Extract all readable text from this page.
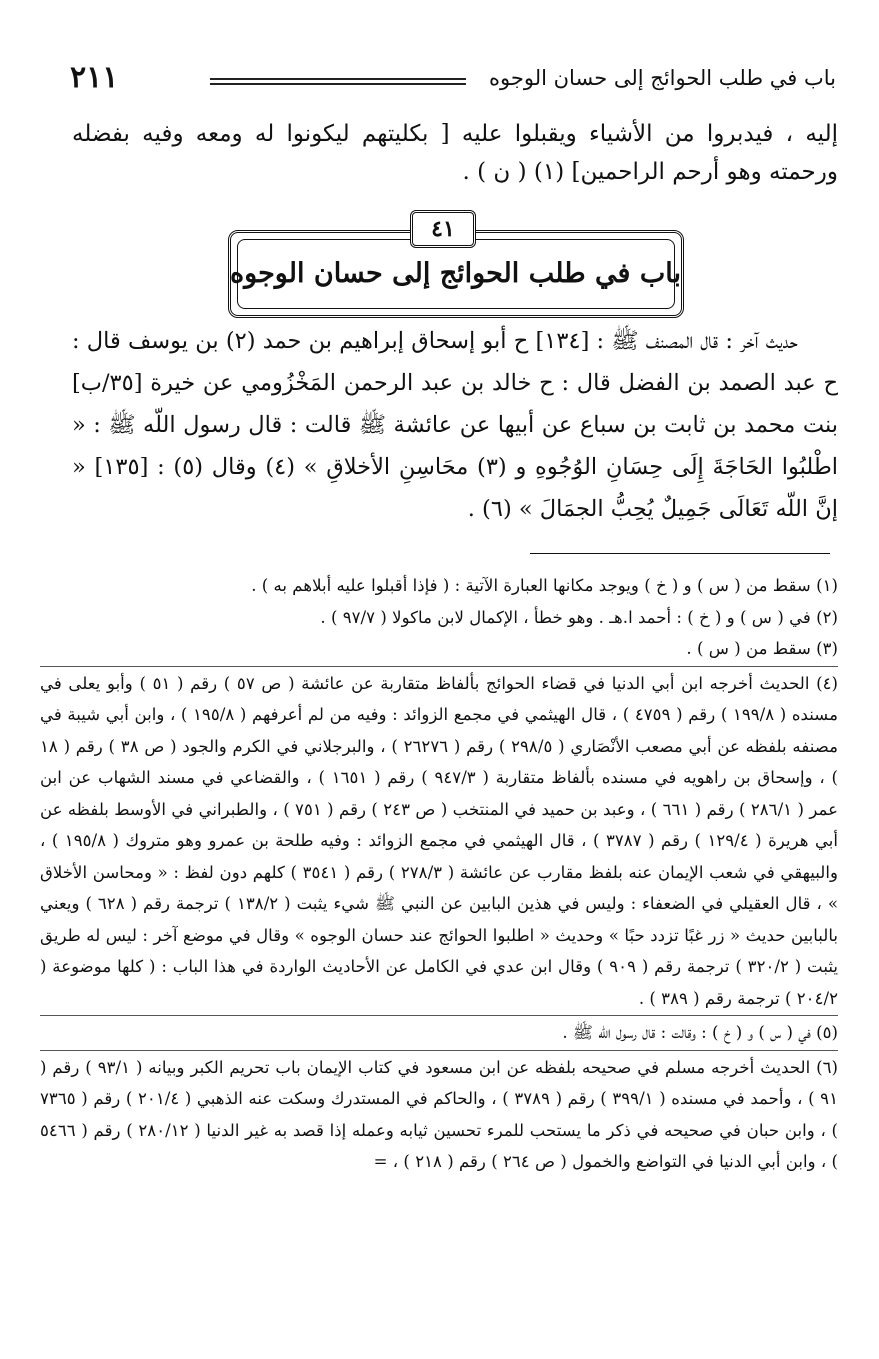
باب في طلب الحوائج إلى حسان الوجوه
٢١١
إليه ، فيدبروا من الأشياء ويقبلوا عليه [ بكليتهم ليكونوا له ومعه وفيه بفضله ورحمته وهو أرحم الراحمين] (١) ( ن ) .
٤١
باب في طلب الحوائج إلى حسان الوجوه

حديث آخر : قال المصنف ﷺ : [١٣٤] ح أبو إسحاق إبراهيم بن حمد (٢) بن يوسف قال : ح عبد الصمد بن الفضل قال : ح خالد بن عبد الرحمن المَخْزُومي عن خيرة [٣٥/ب] بنت محمد بن ثابت بن سباع عن أبيها عن عائشة ﷺ قالت : قال رسول اللّه ﷺ : « اطْلبُوا الحَاجَةَ إِلَى حِسَانِ الوُجُوهِ و (٣) محَاسِنِ الأخلاقِ » (٤) وقال (٥) : [١٣٥] « إنَّ اللّه تَعَالَى جَمِيلٌ يُحِبُّ الجمَالَ » (٦) .

(١) سقط من ( س ) و ( خ ) ويوجد مكانها العبارة الآتية : ( فإذا أقبلوا عليه أبلاهم به ) .

(٢) في ( س ) و ( خ ) : أحمد ا.هـ . وهو خطأ ، الإكمال لابن ماكولا ( ٩٧/٧ ) .

(٣) سقط من ( س ) .

(٤) الحديث أخرجه ابن أبي الدنيا في قضاء الحوائج بألفاظ متقاربة عن عائشة ( ص ٥٧ ) رقم ( ٥١ ) وأبو يعلى في مسنده ( ١٩٩/٨ ) رقم ( ٤٧٥٩ ) ، قال الهيثمي في مجمع الزوائد : وفيه من لم أعرفهم ( ١٩٥/٨ ) ، وابن أبي شيبة في مصنفه بلفظه عن أبي مصعب الأنْصَاري ( ٢٩٨/٥ ) رقم ( ٢٦٢٧٦ ) ، والبرجلاني في الكرم والجود ( ص ٣٨ ) رقم ( ١٨ ) ، وإسحاق بن راهويه في مسنده بألفاظ متقاربة ( ٩٤٧/٣ ) رقم ( ١٦٥١ ) ، والقضاعي في مسند الشهاب عن ابن عمر ( ٢٨٦/١ ) رقم ( ٦٦١ ) ، وعبد بن حميد في المنتخب ( ص ٢٤٣ ) رقم ( ٧٥١ ) ، والطبراني في الأوسط بلفظه عن أبي هريرة ( ١٢٩/٤ ) رقم ( ٣٧٨٧ ) ، قال الهيثمي في مجمع الزوائد : وفيه طلحة بن عمرو وهو متروك ( ١٩٥/٨ ) ، والبيهقي في شعب الإيمان عنه بلفظ مقارب عن عائشة ( ٢٧٨/٣ ) رقم ( ٣٥٤١ ) كلهم دون لفظ : « ومحاسن الأخلاق » ، قال العقيلي في الضعفاء : وليس في هذين البابين عن النبي ﷺ شيء يثبت ( ١٣٨/٢ ) ترجمة رقم ( ٦٢٨ ) ويعني بالبابين حديث « زر غبًا تزدد حبًا » وحديث « اطلبوا الحوائج عند حسان الوجوه » وقال في موضع آخر : ليس له طريق يثبت ( ٣٢٠/٢ ) ترجمة رقم ( ٩٠٩ ) وقال ابن عدي في الكامل عن الأحاديث الواردة في هذا الباب : ( كلها موضوعة ( ٢٠٤/٢ ) ترجمة رقم ( ٣٨٩ ) .

(٥) في ( س ) و ( خ ) : وقالت : قال رسول اللّه ﷺ .

(٦) الحديث أخرجه مسلم في صحيحه بلفظه عن ابن مسعود في كتاب الإيمان باب تحريم الكبر وبيانه ( ٩٣/١ ) رقم ( ٩١ ) ، وأحمد في مسنده ( ٣٩٩/١ ) رقم ( ٣٧٨٩ ) ، والحاكم في المستدرك وسكت عنه الذهبي ( ٢٠١/٤ ) رقم ( ٧٣٦٥ ) ، وابن حبان في صحيحه في ذكر ما يستحب للمرء تحسين ثيابه وعمله إذا قصد به غير الدنيا ( ٢٨٠/١٢ ) رقم ( ٥٤٦٦ ) ، وابن أبي الدنيا في التواضع والخمول ( ص ٢٦٤ ) رقم ( ٢١٨ ) ، =
